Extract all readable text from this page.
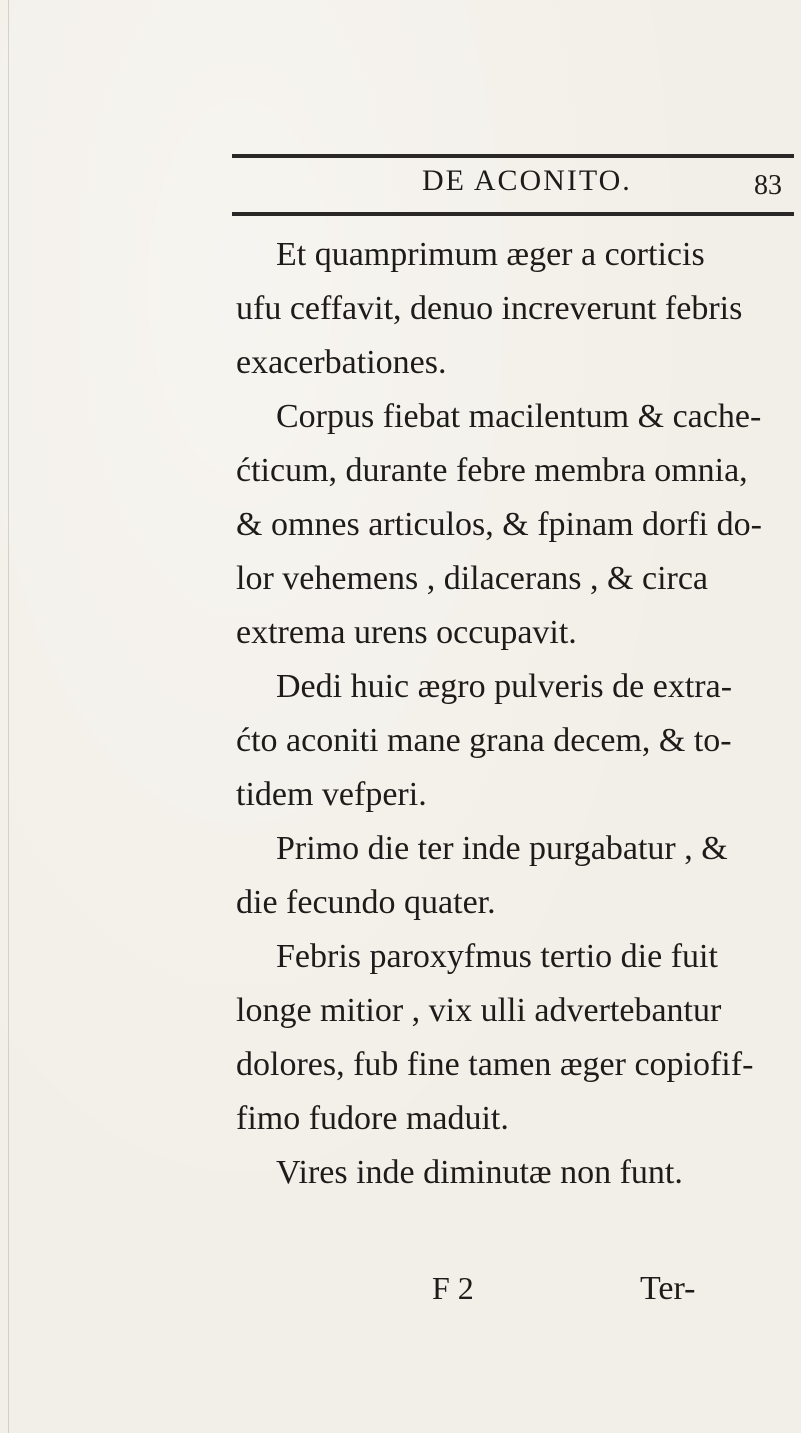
DE ACONITO.	83
Et quamprimum æger a corticis
ufu ceffavit, denuo increverunt febris
exacerbationes.
Corpus fiebat macilentum & cache-
ćticum, durante febre membra omnia,
& omnes articulos, & fpinam dorfi do-
lor vehemens , dilacerans , & circa
extrema urens occupavit.
Dedi huic ægro pulveris de extra-
ćto aconiti mane grana decem, & to-
tidem vefperi.
Primo die ter inde purgabatur , &
die fecundo quater.
Febris paroxyfmus tertio die fuit
longe mitior , vix ulli advertebantur
dolores, fub fine tamen æger copiofif-
fimo fudore maduit.
Vires inde diminutæ non funt.
F 2	Ter-
